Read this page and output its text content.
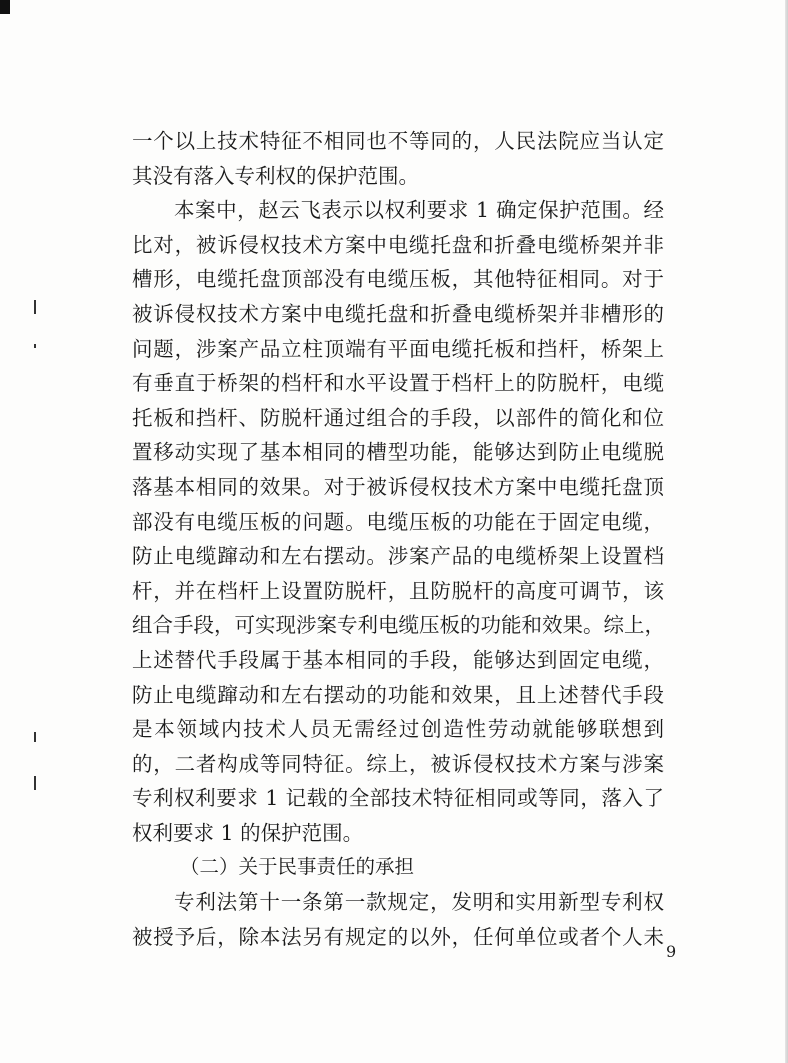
一个以上技术特征不相同也不等同的，人民法院应当认定
其没有落入专利权的保护范围。
本案中，赵云飞表示以权利要求 1 确定保护范围。经
比对，被诉侵权技术方案中电缆托盘和折叠电缆桥架并非
槽形，电缆托盘顶部没有电缆压板，其他特征相同。对于
被诉侵权技术方案中电缆托盘和折叠电缆桥架并非槽形的
问题，涉案产品立柱顶端有平面电缆托板和挡杆，桥架上
有垂直于桥架的档杆和水平设置于档杆上的防脱杆，电缆
托板和挡杆、防脱杆通过组合的手段，以部件的简化和位
置移动实现了基本相同的槽型功能，能够达到防止电缆脱
落基本相同的效果。对于被诉侵权技术方案中电缆托盘顶
部没有电缆压板的问题。电缆压板的功能在于固定电缆，
防止电缆蹿动和左右摆动。涉案产品的电缆桥架上设置档
杆，并在档杆上设置防脱杆，且防脱杆的高度可调节，该
组合手段，可实现涉案专利电缆压板的功能和效果。综上，
上述替代手段属于基本相同的手段，能够达到固定电缆，
防止电缆蹿动和左右摆动的功能和效果，且上述替代手段
是本领域内技术人员无需经过创造性劳动就能够联想到
的，二者构成等同特征。综上，被诉侵权技术方案与涉案
专利权利要求 1 记载的全部技术特征相同或等同，落入了
权利要求 1 的保护范围。
（二）关于民事责任的承担
专利法第十一条第一款规定，发明和实用新型专利权
被授予后，除本法另有规定的以外，任何单位或者个人未
9
